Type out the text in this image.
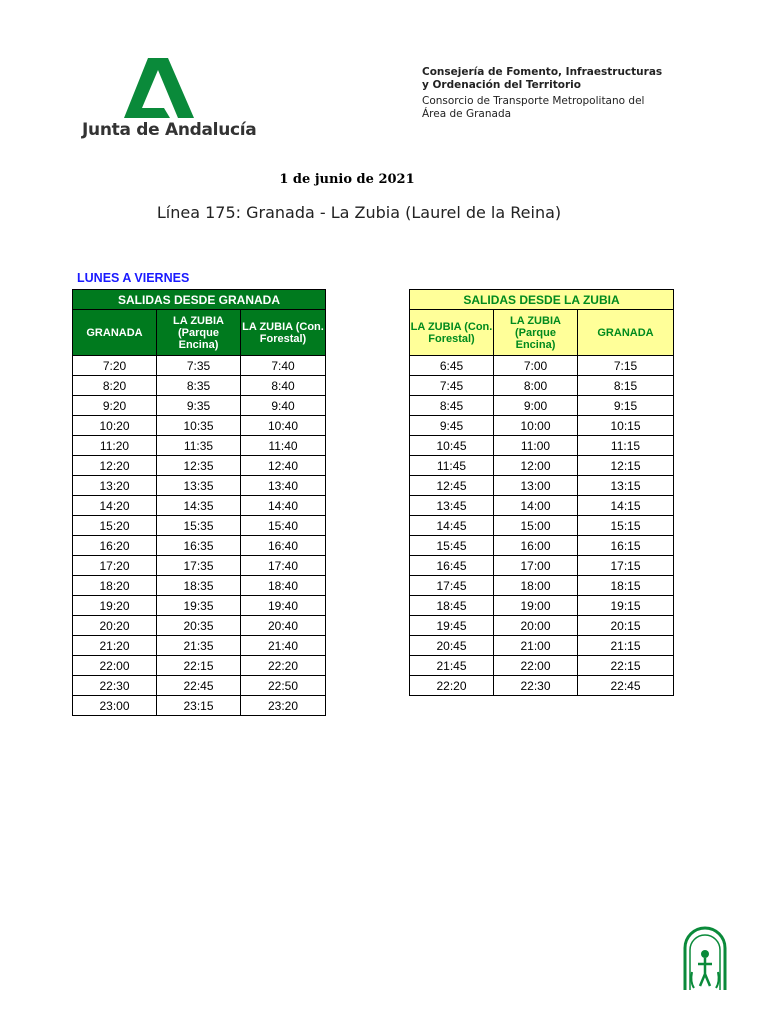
Junta de Andalucía
Consejería de Fomento, Infraestructuras
y Ordenación del Territorio
Consorcio de Transporte Metropolitano del
Área de Granada
1 de junio de 2021
Línea 175: Granada - La Zubia (Laurel de la Reina)
LUNES A VIERNES
SALIDAS DESDE GRANADA		
GRANADA	LA ZUBIA (Parque Encina)	LA ZUBIA (Con. Forestal)
7:20	7:35	7:40
8:20	8:35	8:40
9:20	9:35	9:40
10:20	10:35	10:40
11:20	11:35	11:40
12:20	12:35	12:40
13:20	13:35	13:40
14:20	14:35	14:40
15:20	15:35	15:40
16:20	16:35	16:40
17:20	17:35	17:40
18:20	18:35	18:40
19:20	19:35	19:40
20:20	20:35	20:40
21:20	21:35	21:40
22:00	22:15	22:20
22:30	22:45	22:50
23:00	23:15	23:20
SALIDAS DESDE LA ZUBIA		
LA ZUBIA (Con. Forestal)	LA ZUBIA (Parque Encina)	GRANADA
6:45	7:00	7:15
7:45	8:00	8:15
8:45	9:00	9:15
9:45	10:00	10:15
10:45	11:00	11:15
11:45	12:00	12:15
12:45	13:00	13:15
13:45	14:00	14:15
14:45	15:00	15:15
15:45	16:00	16:15
16:45	17:00	17:15
17:45	18:00	18:15
18:45	19:00	19:15
19:45	20:00	20:15
20:45	21:00	21:15
21:45	22:00	22:15
22:20	22:30	22:45
